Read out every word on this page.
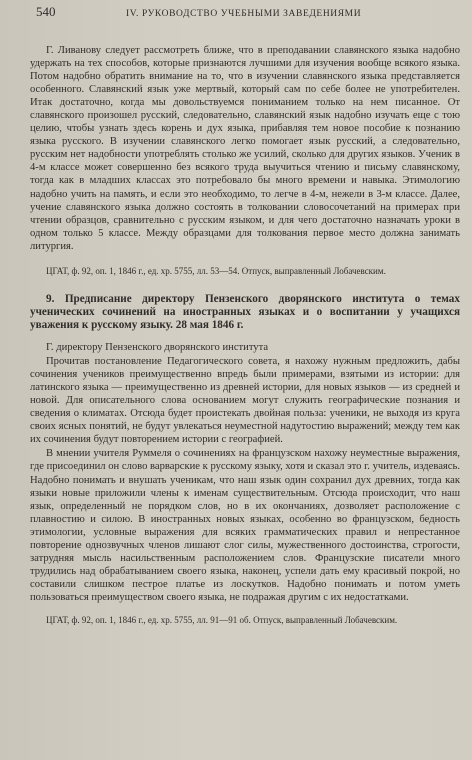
540	IV. РУКОВОДСТВО УЧЕБНЫМИ ЗАВЕДЕНИЯМИ

Г. Ливанову следует рассмотреть ближе, что в преподавании славянского языка надобно удержать на тех способов, которые признаются лучшими для изучения вообще всякого языка. Потом надобно обратить внимание на то, что в изучении славянского языка представляется особенного. Славянский язык уже мертвый, который сам по себе более не употребителен. Итак достаточно, когда мы довольствуемся пониманием только на нем писанное. От славянского произошел русский, следовательно, славянский язык надобно изучать еще с тою целию, чтобы узнать здесь корень и дух языка, прибавляя тем новое пособие к познанию языка русского. В изучении славянского легко помогает язык русский, а следовательно, русским нет надобности употреблять столько же усилий, сколько для других языков. Ученик в 4-м классе может совершенно без всякого труда выучиться чтению и письму славянскому, тогда как в младших классах это потребовало бы много времени и навыка. Этимологию надобно учить на память, и если это необходимо, то легче в 4-м, нежели в 3-м классе. Далее, учение славянского языка должно состоять в толковании словосочетаний на примерах при чтении образцов, сравнительно с русским языком, и для чего достаточно назначать уроки в одном только 5 классе. Между образцами для толкования первое место должна занимать литургия.

ЦГАТ, ф. 92, оп. 1, 1846 г., ед. хр. 5755, лл. 53—54. Отпуск, выправленный Лобачевским.

9. Предписание директору Пензенского дворянского института о темах ученических сочинений на иностранных языках и о воспитании у учащихся уважения к русскому языку. 28 мая 1846 г.

Г. директору Пензенского дворянского института

Прочитав постановление Педагогического совета, я нахожу нужным предложить, дабы сочинения учеников преимущественно впредь были примерами, взятыми из истории: для латинского языка — преимущественно из древней истории, для новых языков — из средней и новой. Для описательного слова основанием могут служить географические познания и сведения о климатах. Отсюда будет проистекать двойная польза: ученики, не выходя из круга своих ясных понятий, не будут увлекаться неуместной надутостию выражений; между тем как их сочинения будут повторением истории с географией.

В мнении учителя Руммеля о сочинениях на французском нахожу неуместные выражения, где присоединил он слово варварские к русскому языку, хотя и сказал это г. учитель, издеваясь. Надобно понимать и внушать ученикам, что наш язык один сохранил дух древних, тогда как языки новые приложили члены к именам существительным. Отсюда происходит, что наш язык, определенный не порядком слов, но в их окончаниях, дозволяет расположение с плавностию и силою. В иностранных новых языках, особенно во французском, бедность этимологии, условные выражения для всяких грамматических правил и непрестанное повторение однозвучных членов лишают слог силы, мужественного достоинства, строгости, затрудняя мысль насильственным расположением слов. Французские писатели много трудились над обрабатыванием своего языка, наконец, успели дать ему красивый покрой, но составили слишком пестрое платье из лоскутков. Надобно понимать и потом уметь пользоваться преимуществом своего языка, не подражая другим с их недостатками.

ЦГАТ, ф. 92, оп. 1, 1846 г., ед. хр. 5755, лл. 91—91 об. Отпуск, выправленный Лобачевским.
